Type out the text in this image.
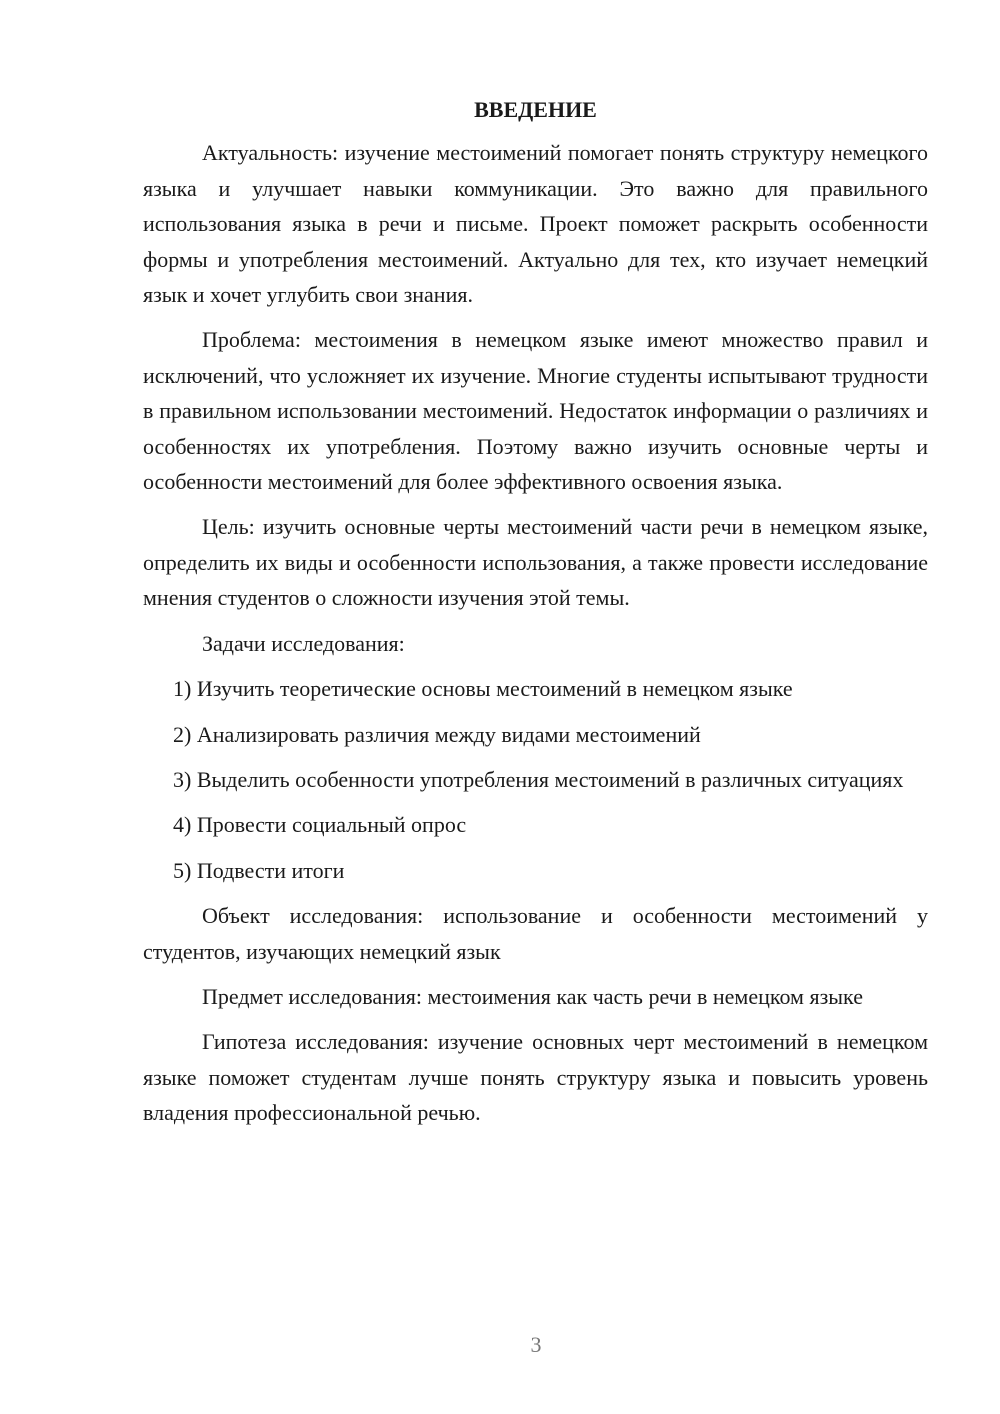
ВВЕДЕНИЕ

Актуальность: изучение местоимений помогает понять структуру немецкого языка и улучшает навыки коммуникации. Это важно для правильного использования языка в речи и письме. Проект поможет раскрыть особенности формы и употребления местоимений. Актуально для тех, кто изучает немецкий язык и хочет углубить свои знания.

Проблема: местоимения в немецком языке имеют множество правил и исключений, что усложняет их изучение. Многие студенты испытывают трудности в правильном использовании местоимений. Недостаток информации о различиях и особенностях их употребления. Поэтому важно изучить основные черты и особенности местоимений для более эффективного освоения языка.

Цель: изучить основные черты местоимений части речи в немецком языке, определить их виды и особенности использования, а также провести исследование мнения студентов о сложности изучения этой темы.

Задачи исследования:

1) Изучить теоретические основы местоимений в немецком языке

2) Анализировать различия между видами местоимений

3) Выделить особенности употребления местоимений в различных ситуациях

4) Провести социальный опрос

5) Подвести итоги

Объект исследования: использование и особенности местоимений у студентов, изучающих немецкий язык

Предмет исследования: местоимения как часть речи в немецком языке

Гипотеза исследования: изучение основных черт местоимений в немецком языке поможет студентам лучше понять структуру языка и повысить уровень владения профессиональной речью.

3
